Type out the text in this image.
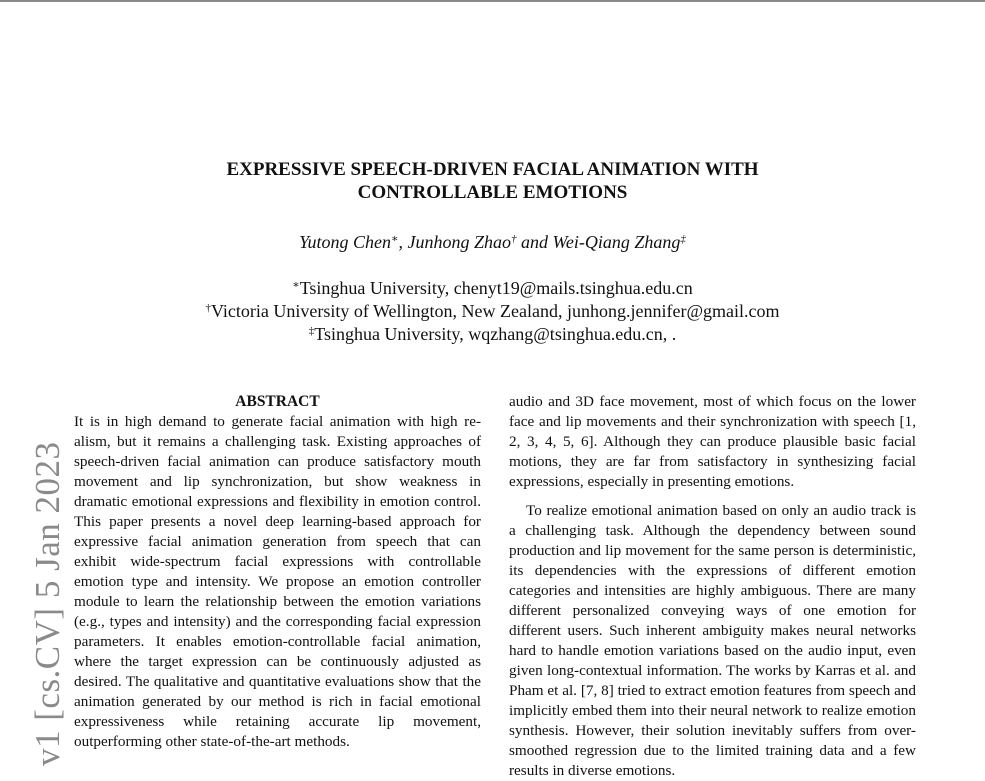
EXPRESSIVE SPEECH-DRIVEN FACIAL ANIMATION WITH
CONTROLLABLE EMOTIONS
Yutong Chen∗, Junhong Zhao† and Wei-Qiang Zhang‡
∗Tsinghua University, chenyt19@mails.tsinghua.edu.cn
†Victoria University of Wellington, New Zealand, junhong.jennifer@gmail.com
‡Tsinghua University, wqzhang@tsinghua.edu.cn, .
v1 [cs.CV] 5 Jan 2023
ABSTRACT

It is in high demand to generate facial animation with high realism, but it remains a challenging task. Existing approaches of speech-driven facial animation can produce satisfactory mouth movement and lip synchronization, but show weakness in dramatic emotional expressions and flexibility in emotion control. This paper presents a novel deep learning-based approach for expressive facial animation generation from speech that can exhibit wide-spectrum facial expressions with controllable emotion type and intensity. We propose an emotion controller module to learn the relationship between the emotion variations (e.g., types and intensity) and the corresponding facial expression parameters. It enables emotion-controllable facial animation, where the target expression can be continuously adjusted as desired. The qualitative and quantitative evaluations show that the animation generated by our method is rich in facial emotional expressiveness while retaining accurate lip movement, outperforming other state-of-the-art methods.

audio and 3D face movement, most of which focus on the lower face and lip movements and their synchronization with speech [1, 2, 3, 4, 5, 6]. Although they can produce plausible basic facial motions, they are far from satisfactory in synthesizing facial expressions, especially in presenting emotions.

To realize emotional animation based on only an audio track is a challenging task. Although the dependency between sound production and lip movement for the same person is deterministic, its dependencies with the expressions of different emotion categories and intensities are highly ambiguous. There are many different personalized conveying ways of one emotion for different users. Such inherent ambiguity makes neural networks hard to handle emotion variations based on the audio input, even given long-contextual information. The works by Karras et al. and Pham et al. [7, 8] tried to extract emotion features from speech and implicitly embed them into their neural network to realize emotion synthesis. However, their solution inevitably suffers from over-smoothed regression due to the limited training data and a few results in diverse emotions.
